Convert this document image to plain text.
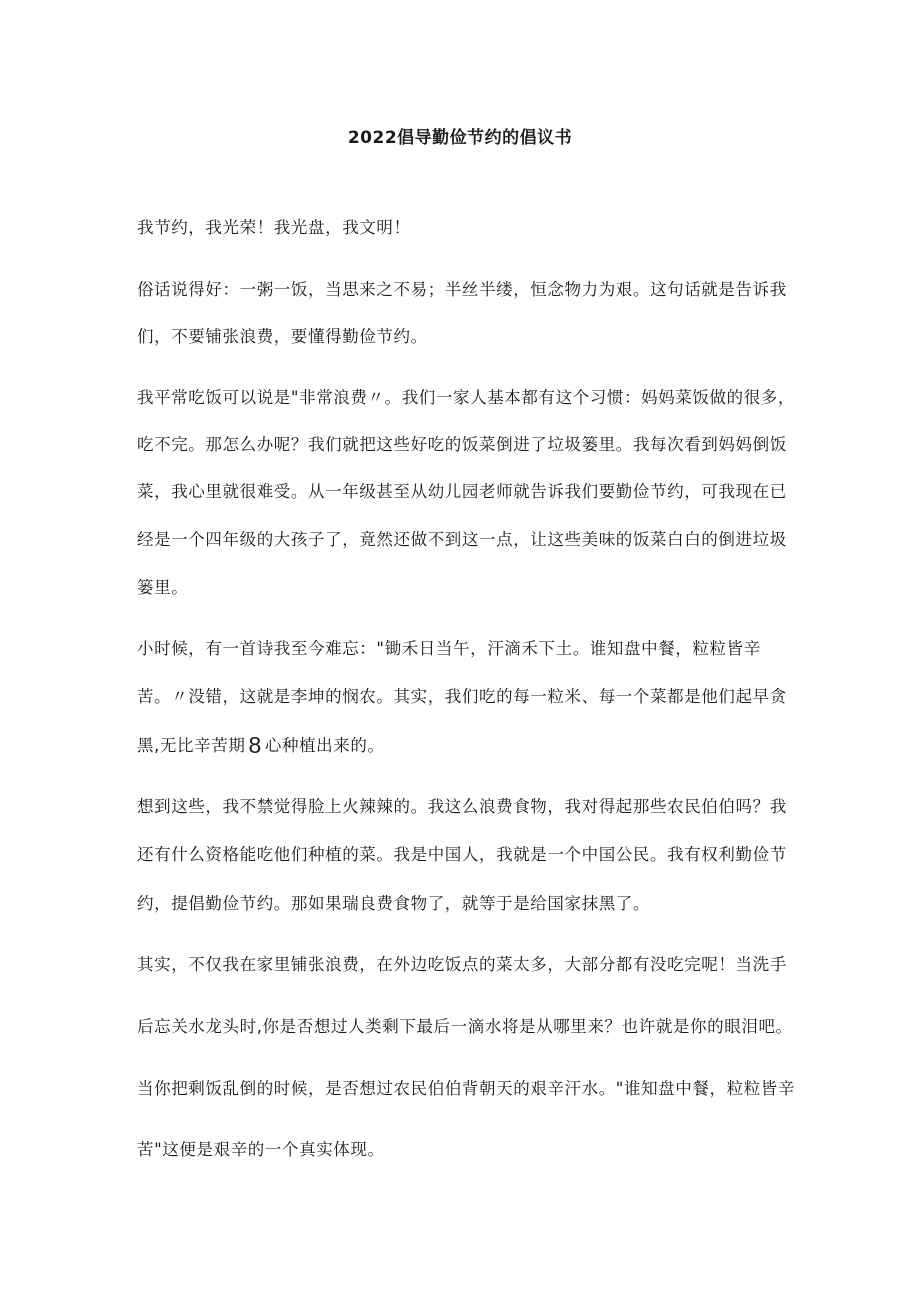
2022倡导勤俭节约的倡议书

我节约，我光荣！我光盘，我文明！

俗话说得好：一粥一饭，当思来之不易；半丝半缕，恒念物力为艰。这句话就是告诉我

们，不要铺张浪费，要懂得勤俭节约。

我平常吃饭可以说是"非常浪费〃。我们一家人基本都有这个习惯：妈妈菜饭做的很多，

吃不完。那怎么办呢？我们就把这些好吃的饭菜倒进了垃圾篓里。我每次看到妈妈倒饭

菜，我心里就很难受。从一年级甚至从幼儿园老师就告诉我们要勤俭节约，可我现在已

经是一个四年级的大孩子了，竟然还做不到这一点，让这些美味的饭菜白白的倒进垃圾

篓里。

小时候，有一首诗我至今难忘："锄禾日当午，汗滴禾下土。谁知盘中餐，粒粒皆辛

苦。〃没错，这就是李坤的悯农。其实，我们吃的每一粒米、每一个菜都是他们起早贪

黑,无比辛苦期 8 心种植出来的。

想到这些，我不禁觉得脸上火辣辣的。我这么浪费食物，我对得起那些农民伯伯吗？我

还有什么资格能吃他们种植的菜。我是中国人，我就是一个中国公民。我有权利勤俭节

约，提倡勤俭节约。那如果瑞良费食物了，就等于是给国家抹黑了。

其实，不仅我在家里铺张浪费，在外边吃饭点的菜太多，大部分都有没吃完呢！当洗手

后忘关水龙头时,你是否想过人类剩下最后一滴水将是从哪里来？也许就是你的眼泪吧。

当你把剩饭乱倒的时候，是否想过农民伯伯背朝天的艰辛汗水。"谁知盘中餐，粒粒皆辛

苦"这便是艰辛的一个真实体现。
